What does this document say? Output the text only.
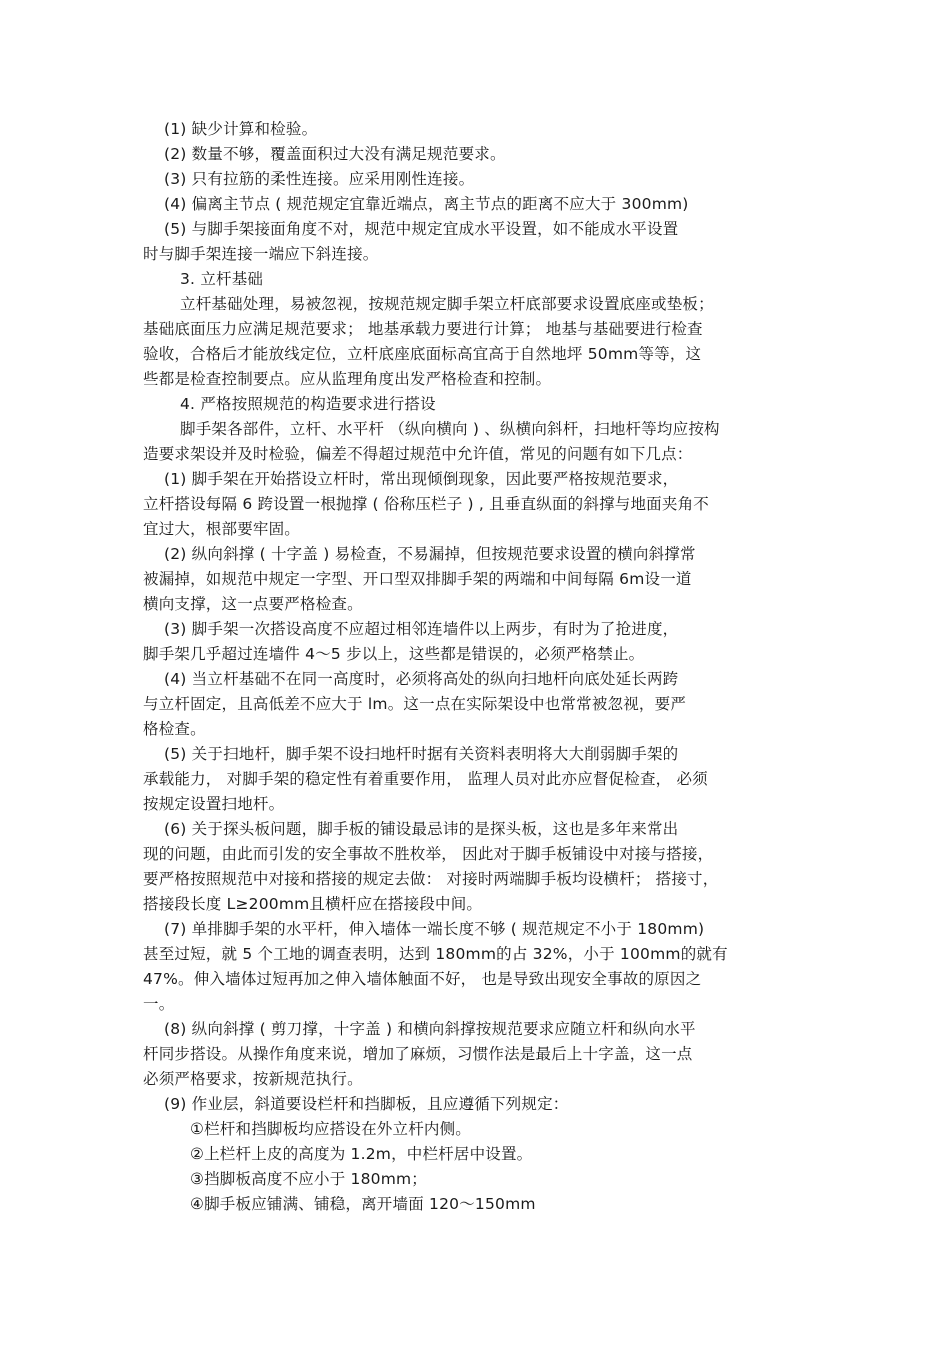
(1) 缺少计算和检验。
(2) 数量不够，覆盖面积过大没有满足规范要求。
(3) 只有拉筋的柔性连接。应采用刚性连接。
(4) 偏离主节点 ( 规范规定宜靠近端点，离主节点的距离不应大于 300mm)
(5) 与脚手架接面角度不对，规范中规定宜成水平设置，如不能成水平设置
时与脚手架连接一端应下斜连接。
3. 立杆基础
立杆基础处理，易被忽视，按规范规定脚手架立杆底部要求设置底座或垫板；
基础底面压力应满足规范要求； 地基承载力要进行计算； 地基与基础要进行检查
验收，合格后才能放线定位，立杆底座底面标高宜高于自然地坪 50mm等等，这
些都是检查控制要点。应从监理角度出发严格检查和控制。
4. 严格按照规范的构造要求进行搭设
脚手架各部件，立杆、水平杆 （纵向横向 ) 、纵横向斜杆，扫地杆等均应按构
造要求架设并及时检验，偏差不得超过规范中允许值，常见的问题有如下几点：
(1) 脚手架在开始搭设立杆时，常出现倾倒现象，因此要严格按规范要求，
立杆搭设每隔 6 跨设置一根抛撑 ( 俗称压栏子 ) , 且垂直纵面的斜撑与地面夹角不
宜过大，根部要牢固。
(2) 纵向斜撑 ( 十字盖 ) 易检查，不易漏掉，但按规范要求设置的横向斜撑常
被漏掉，如规范中规定一字型、开口型双排脚手架的两端和中间每隔 6m设一道
横向支撑，这一点要严格检查。
(3) 脚手架一次搭设高度不应超过相邻连墙件以上两步，有时为了抢进度，
脚手架几乎超过连墙件 4～5 步以上，这些都是错误的，必须严格禁止。
(4) 当立杆基础不在同一高度时，必须将高处的纵向扫地杆向底处延长两跨
与立杆固定，且高低差不应大于 lm。这一点在实际架设中也常常被忽视，要严
格检查。
(5) 关于扫地杆，脚手架不设扫地杆时据有关资料表明将大大削弱脚手架的
承载能力， 对脚手架的稳定性有着重要作用， 监理人员对此亦应督促检查， 必须
按规定设置扫地杆。
(6) 关于探头板问题，脚手板的铺设最忌讳的是探头板，这也是多年来常出
现的问题，由此而引发的安全事故不胜枚举， 因此对于脚手板铺设中对接与搭接，
要严格按照规范中对接和搭接的规定去做： 对接时两端脚手板均设横杆； 搭接寸，
搭接段长度 L≥200mm且横杆应在搭接段中间。
(7) 单排脚手架的水平杆，伸入墙体一端长度不够 ( 规范规定不小于 180mm)
甚至过短，就 5 个工地的调查表明，达到 180mm的占 32%，小于 100mm的就有
47%。伸入墙体过短再加之伸入墙体触面不好， 也是导致出现安全事故的原因之
一。
(8) 纵向斜撑 ( 剪刀撑，十字盖 ) 和横向斜撑按规范要求应随立杆和纵向水平
杆同步搭设。从操作角度来说，增加了麻烦，习惯作法是最后上十字盖，这一点
必须严格要求，按新规范执行。
(9) 作业层，斜道要设栏杆和挡脚板，且应遵循下列规定：
①栏杆和挡脚板均应搭设在外立杆内侧。
②上栏杆上皮的高度为 1.2m，中栏杆居中设置。
③挡脚板高度不应小于 180mm；
④脚手板应铺满、铺稳，离开墙面 120～150mm
